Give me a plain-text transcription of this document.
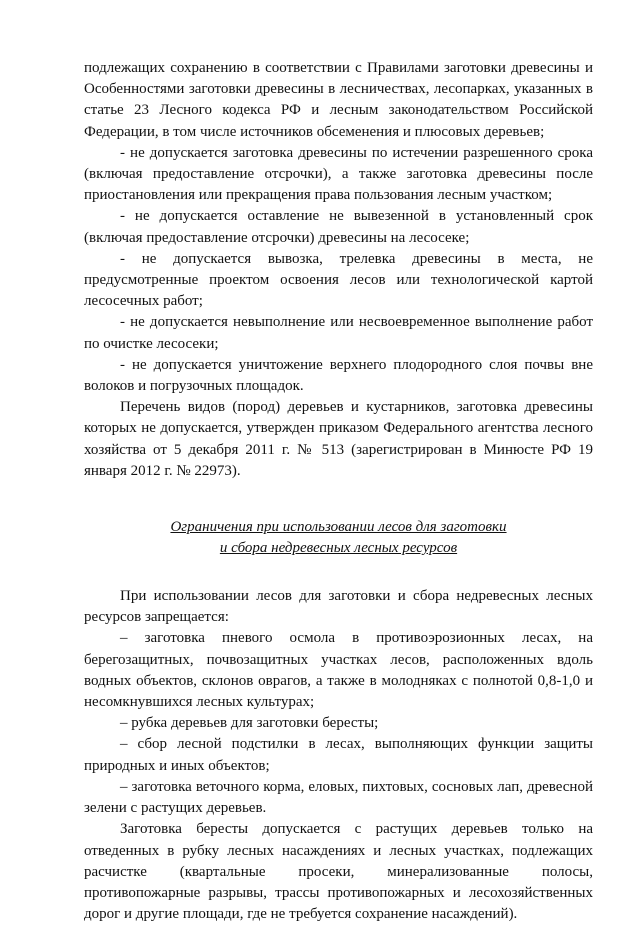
подлежащих сохранению в соответствии с Правилами заготовки древесины и Особенностями заготовки древесины в лесничествах, лесопарках, указанных в статье 23 Лесного кодекса РФ и лесным законодательством Российской Федерации, в том числе источников обсеменения и плюсовых деревьев;

- не допускается заготовка древесины по истечении разрешенного срока (включая предоставление отсрочки), а также заготовка древесины после приостановления или прекращения права пользования лесным участком;

- не допускается оставление не вывезенной в установленный срок (включая предоставление отсрочки) древесины на лесосеке;

- не допускается вывозка, трелевка древесины в места, не предусмотренные проектом освоения лесов или технологической картой лесосечных работ;

- не допускается невыполнение или несвоевременное выполнение работ по очистке лесосеки;

- не допускается уничтожение верхнего плодородного слоя почвы вне волоков и погрузочных площадок.

Перечень видов (пород) деревьев и кустарников, заготовка древесины которых не допускается, утвержден приказом Федерального агентства лесного хозяйства от 5 декабря 2011 г. № 513 (зарегистрирован в Минюсте РФ 19 января 2012 г. № 22973).

Ограничения при использовании лесов для заготовки
и сбора недревесных лесных ресурсов

При использовании лесов для заготовки и сбора недревесных лесных ресурсов запрещается:

– заготовка пневого осмола в противоэрозионных лесах, на берегозащитных, почвозащитных участках лесов, расположенных вдоль водных объектов, склонов оврагов, а также в молодняках с полнотой 0,8-1,0 и несомкнувшихся лесных культурах;

– рубка деревьев для заготовки бересты;

– сбор лесной подстилки в лесах, выполняющих функции защиты природных и иных объектов;

– заготовка веточного корма, еловых, пихтовых, сосновых лап, древесной зелени с растущих деревьев.

Заготовка бересты допускается с растущих деревьев только на отведенных в рубку лесных насаждениях и лесных участках, подлежащих расчистке (квартальные просеки, минерализованные полосы, противопожарные разрывы, трассы противопожарных и лесохозяйственных дорог и другие площади, где не требуется сохранение насаждений).
